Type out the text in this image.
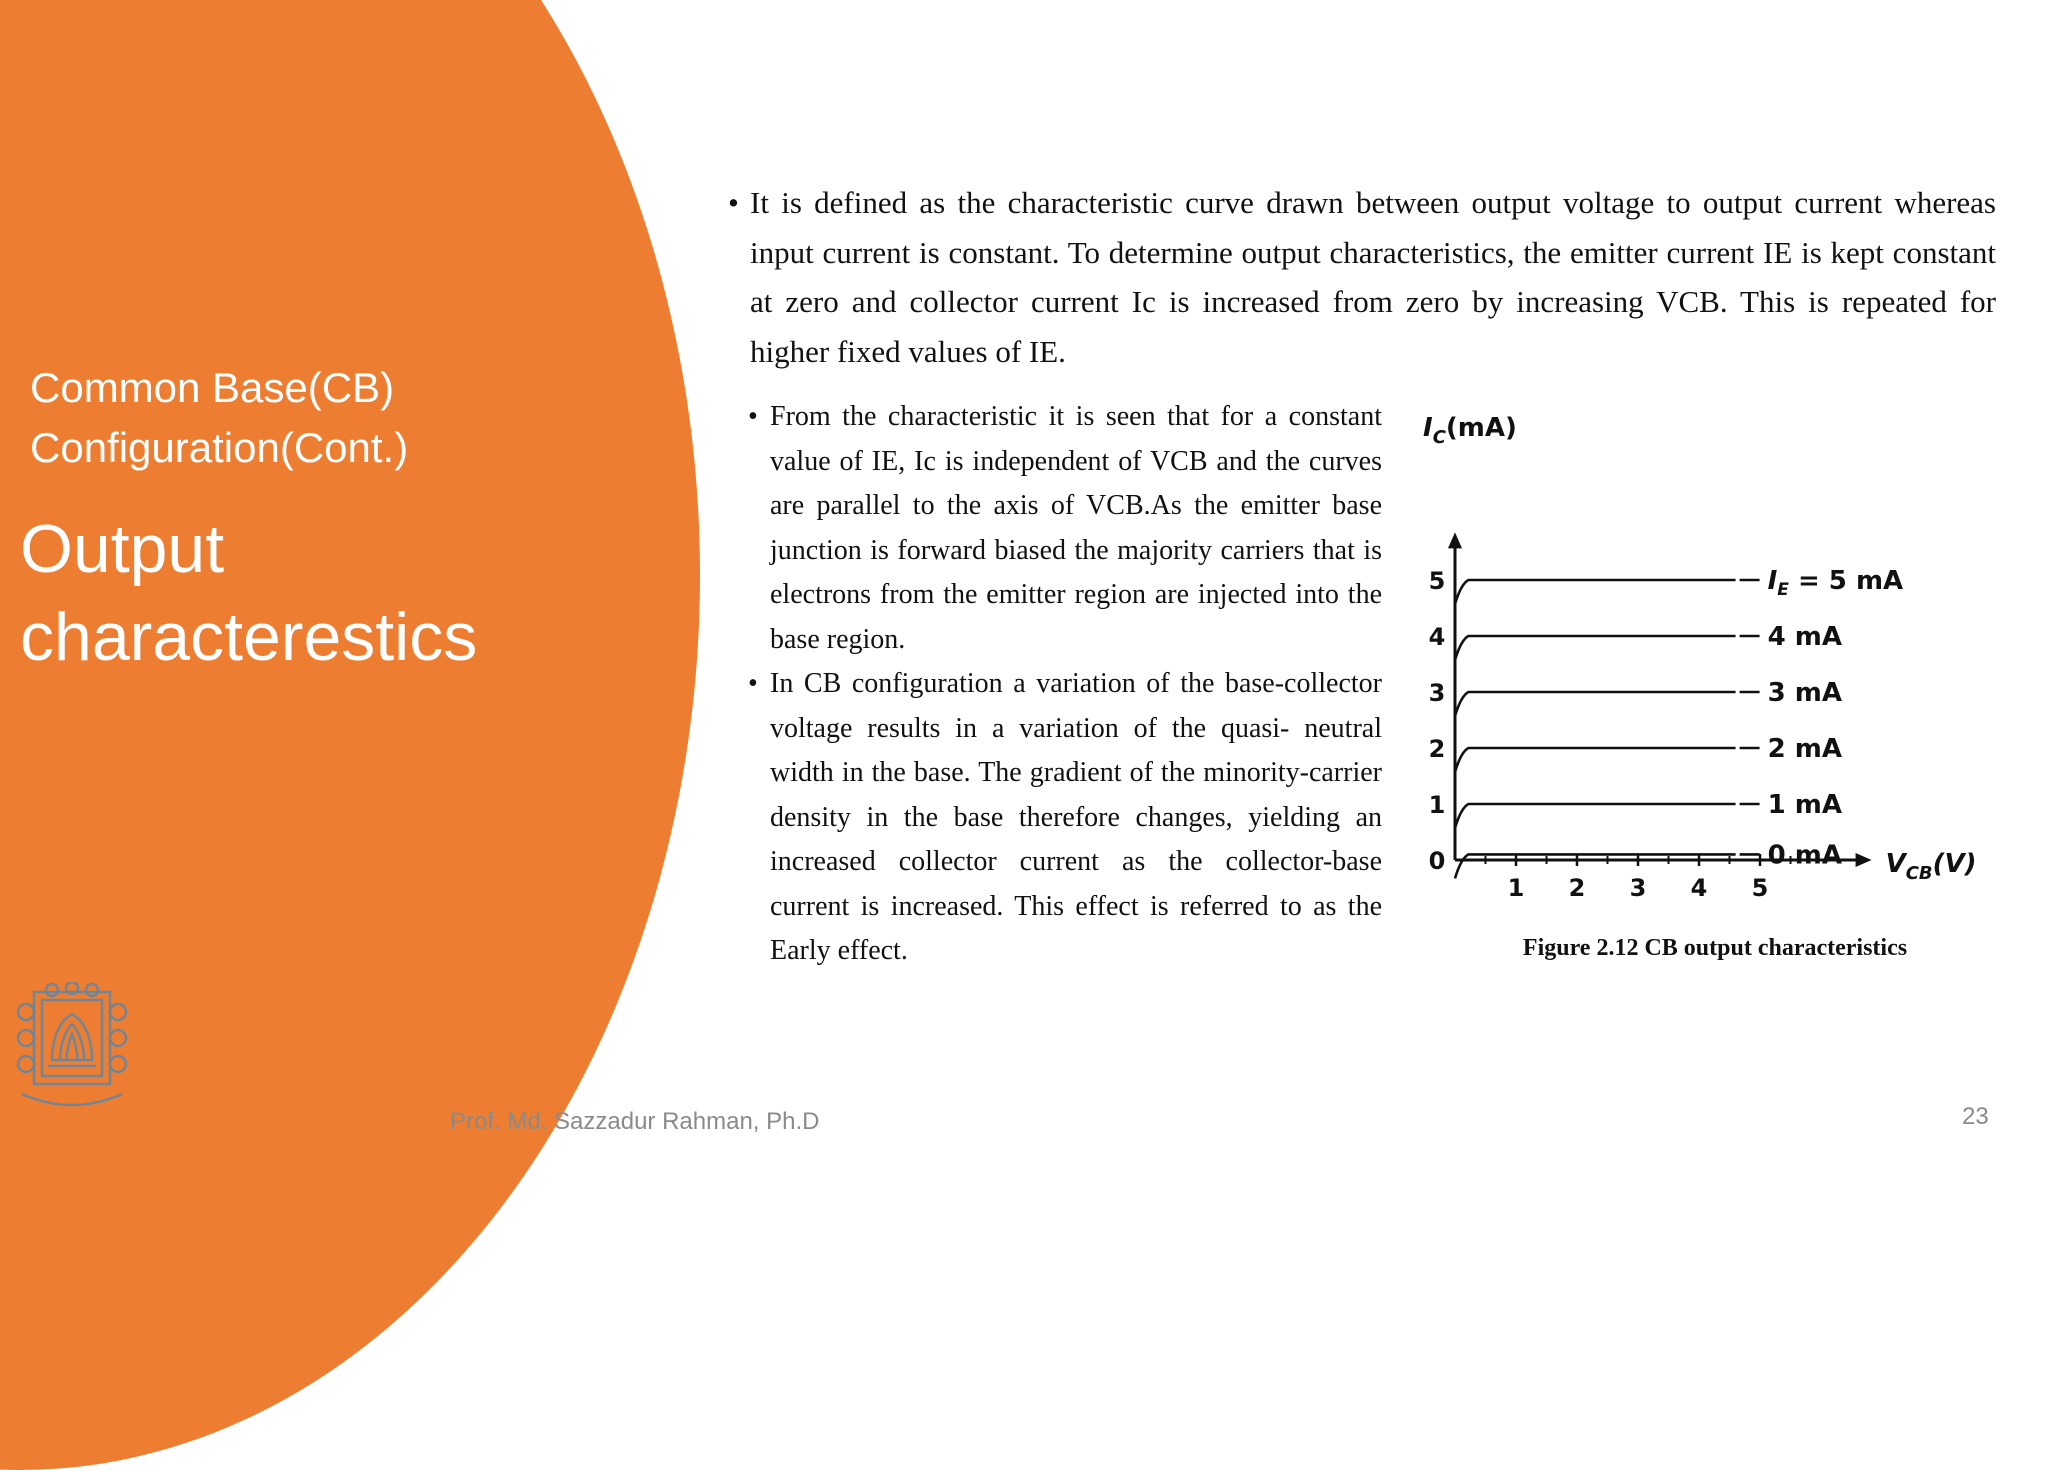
Common Base(CB)
Configuration(Cont.)
Output
characterestics
• It is defined as the characteristic curve drawn between output voltage to output current whereas input current is constant. To determine output characteristics, the emitter current IE is kept constant at zero and collector current Ic is increased from zero by increasing VCB. This is repeated for higher fixed values of IE.

• From the characteristic it is seen that for a constant value of IE, Ic is independent of VCB and the curves are parallel to the axis of VCB.As the emitter base junction is forward biased the majority carriers that is electrons from the emitter region are injected into the base region.

• In CB configuration a variation of the base-collector voltage results in a variation of the quasi- neutral width in the base. The gradient of the minority-carrier density in the base therefore changes, yielding an increased collector current as the collector-base current is increased. This effect is referred to as the Early effect.

1 2 3 4 5
0
1
2
3
4
5
0 mA
1 mA
2 mA
3 mA
4 mA
$I_E = 5$ mA
$I_C(mA)$
$V_{CB}(V)$
Figure 2.12 CB output characteristics
Prof. Md. Sazzadur Rahman, Ph.D	23
